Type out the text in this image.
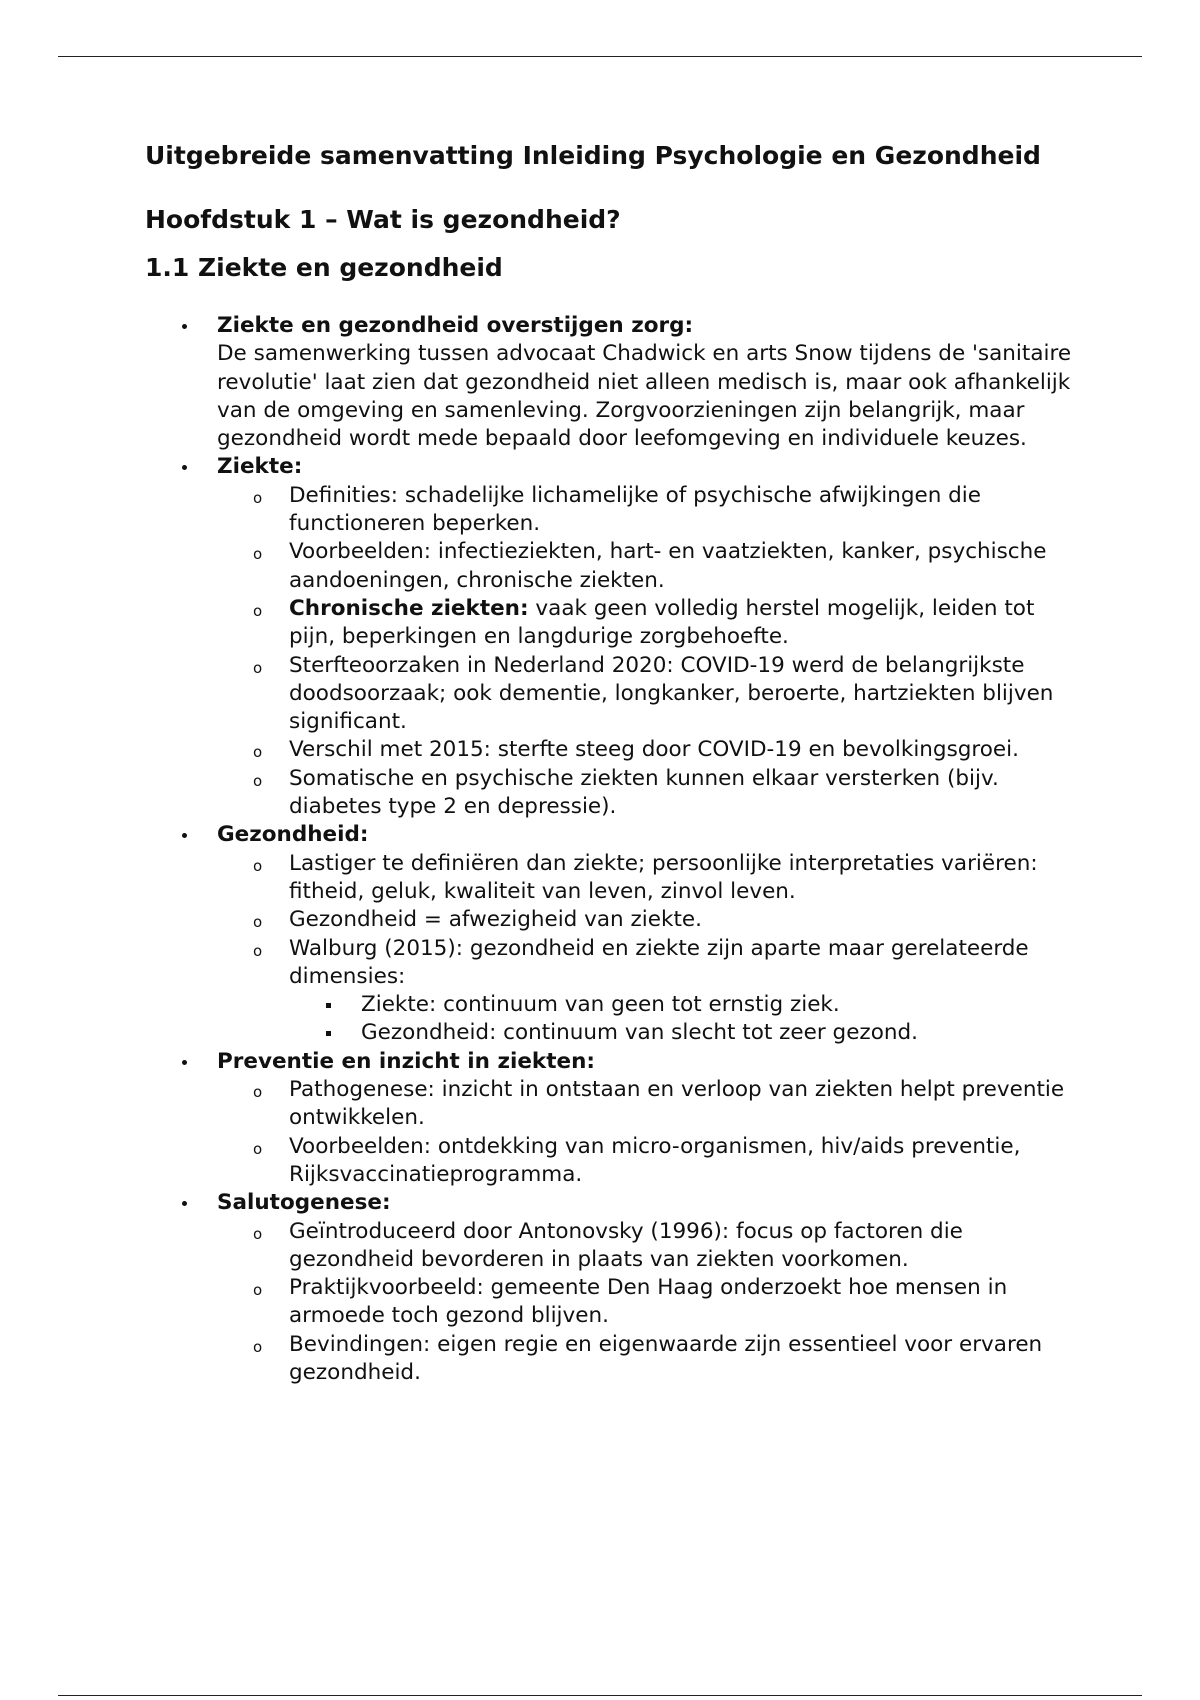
Uitgebreide samenvatting Inleiding Psychologie en Gezondheid
Hoofdstuk 1 – Wat is gezondheid?
1.1 Ziekte en gezondheid
Ziekte en gezondheid overstijgen zorg:
De samenwerking tussen advocaat Chadwick en arts Snow tijdens de 'sanitaire revolutie' laat zien dat gezondheid niet alleen medisch is, maar ook afhankelijk van de omgeving en samenleving. Zorgvoorzieningen zijn belangrijk, maar gezondheid wordt mede bepaald door leefomgeving en individuele keuzes.
Ziekte:
o Definities: schadelijke lichamelijke of psychische afwijkingen die functioneren beperken.
o Voorbeelden: infectieziekten, hart- en vaatziekten, kanker, psychische aandoeningen, chronische ziekten.
o Chronische ziekten: vaak geen volledig herstel mogelijk, leiden tot pijn, beperkingen en langdurige zorgbehoefte.
o Sterfteoorzaken in Nederland 2020: COVID-19 werd de belangrijkste doodsoorzaak; ook dementie, longkanker, beroerte, hartziekten blijven significant.
o Verschil met 2015: sterfte steeg door COVID-19 en bevolkingsgroei.
o Somatische en psychische ziekten kunnen elkaar versterken (bijv. diabetes type 2 en depressie).
Gezondheid:
o Lastiger te definiëren dan ziekte; persoonlijke interpretaties variëren: fitheid, geluk, kwaliteit van leven, zinvol leven.
o Gezondheid = afwezigheid van ziekte.
o Walburg (2015): gezondheid en ziekte zijn aparte maar gerelateerde dimensies:
Ziekte: continuum van geen tot ernstig ziek.
Gezondheid: continuum van slecht tot zeer gezond.
Preventie en inzicht in ziekten:
o Pathogenese: inzicht in ontstaan en verloop van ziekten helpt preventie ontwikkelen.
o Voorbeelden: ontdekking van micro-organismen, hiv/aids preventie, Rijksvaccinatieprogramma.
Salutogenese:
o Geïntroduceerd door Antonovsky (1996): focus op factoren die gezondheid bevorderen in plaats van ziekten voorkomen.
o Praktijkvoorbeeld: gemeente Den Haag onderzoekt hoe mensen in armoede toch gezond blijven.
o Bevindingen: eigen regie en eigenwaarde zijn essentieel voor ervaren gezondheid.
